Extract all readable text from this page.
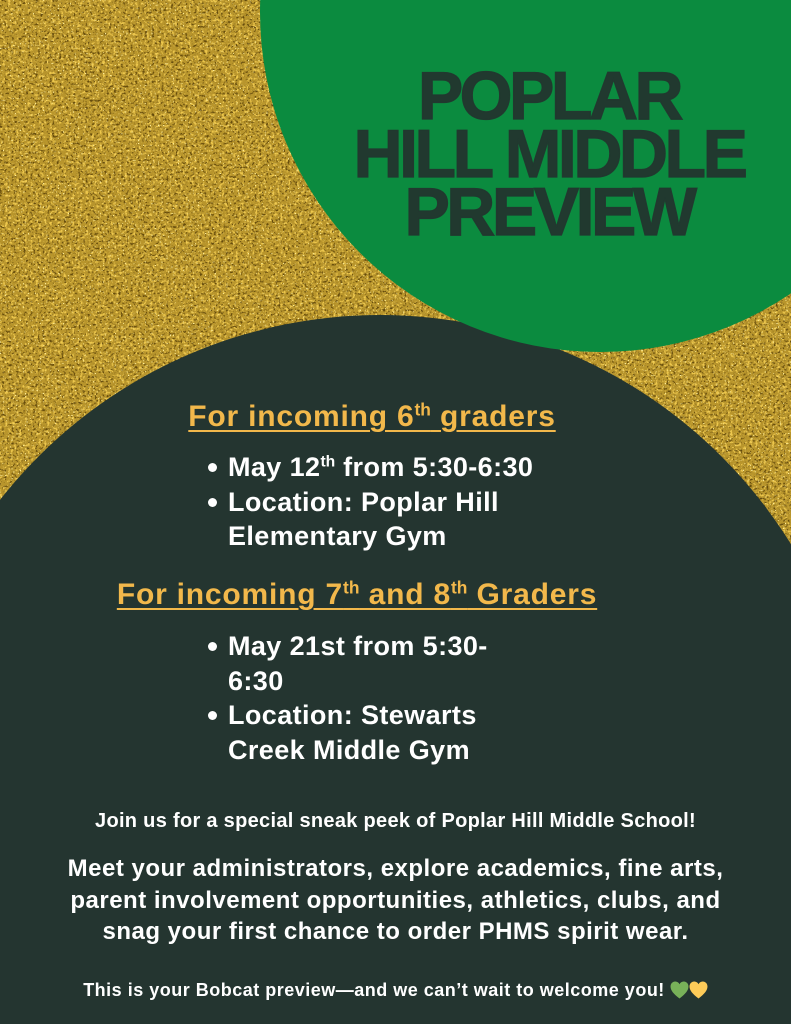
POPLAR
HILL MIDDLE
PREVIEW
For incoming 6th graders
May 12th from 5:30-6:30
Location: Poplar Hill
Elementary Gym
For incoming 7th and 8th Graders
May 21st from 5:30-
6:30
Location: Stewarts
Creek Middle Gym
Join us for a special sneak peek of Poplar Hill Middle School!
Meet your administrators, explore academics, fine arts,
parent involvement opportunities, athletics, clubs, and
snag your first chance to order PHMS spirit wear.
This is your Bobcat preview—and we can’t wait to welcome you!
